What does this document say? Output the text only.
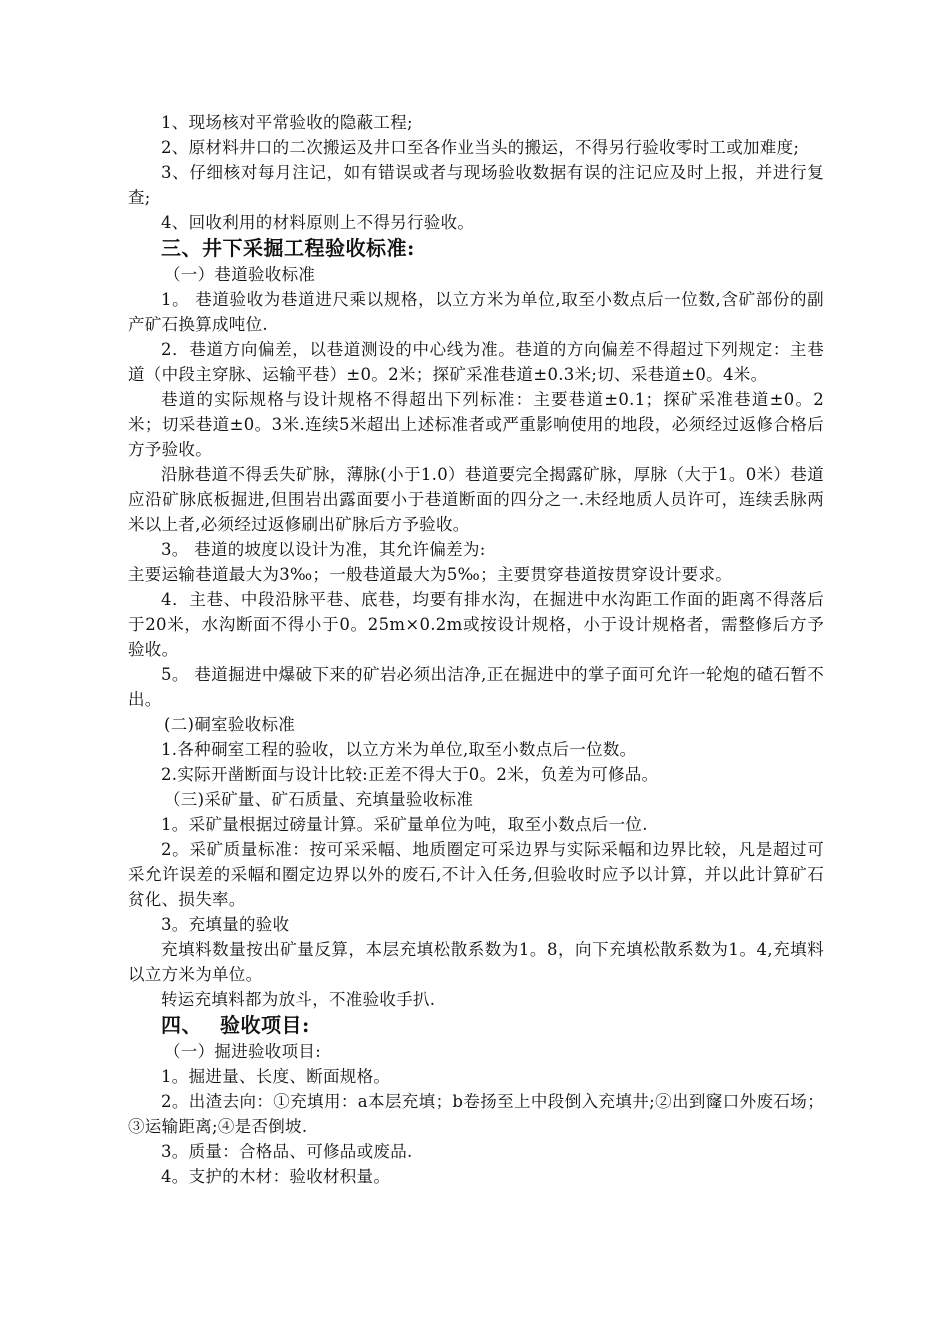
1、现场核对平常验收的隐蔽工程;

2、原材料井口的二次搬运及井口至各作业当头的搬运，不得另行验收零时工或加难度;

3、仔细核对每月注记，如有错误或者与现场验收数据有误的注记应及时上报，并进行复查;

4、回收利用的材料原则上不得另行验收。

三、井下采掘工程验收标准:

（一）巷道验收标准

1。 巷道验收为巷道进尺乘以规格，以立方米为单位,取至小数点后一位数,含矿部份的副产矿石换算成吨位.

2．巷道方向偏差，以巷道测设的中心线为准。巷道的方向偏差不得超过下列规定：主巷道（中段主穿脉、运输平巷）±0。2米；探矿采准巷道±0.3米;切、采巷道±0。4米。

巷道的实际规格与设计规格不得超出下列标准：主要巷道±0.1；探矿采准巷道±0。2米；切采巷道±0。3米.连续5米超出上述标准者或严重影响使用的地段，必须经过返修合格后方予验收。

沿脉巷道不得丢失矿脉，薄脉(小于1.0）巷道要完全揭露矿脉，厚脉（大于1。0米）巷道应沿矿脉底板掘进,但围岩出露面要小于巷道断面的四分之一.未经地质人员许可，连续丢脉两米以上者,必须经过返修刷出矿脉后方予验收。

3。 巷道的坡度以设计为准，其允许偏差为:

主要运输巷道最大为3‰；一般巷道最大为5‰；主要贯穿巷道按贯穿设计要求。

4．主巷、中段沿脉平巷、底巷，均要有排水沟，在掘进中水沟距工作面的距离不得落后于20米，水沟断面不得小于0。25m×0.2m或按设计规格，小于设计规格者，需整修后方予验收。

5。 巷道掘进中爆破下来的矿岩必须出洁净,正在掘进中的掌子面可允许一轮炮的碴石暂不出。

(二)硐室验收标准

1.各种硐室工程的验收，以立方米为单位,取至小数点后一位数。

2.实际开凿断面与设计比较:正差不得大于0。2米，负差为可修品。

（三)采矿量、矿石质量、充填量验收标准

1。采矿量根据过磅量计算。采矿量单位为吨，取至小数点后一位.

2。采矿质量标准：按可采采幅、地质圈定可采边界与实际采幅和边界比较，凡是超过可采允许误差的采幅和圈定边界以外的废石,不计入任务,但验收时应予以计算，并以此计算矿石贫化、损失率。

3。充填量的验收

充填料数量按出矿量反算，本层充填松散系数为1。8，向下充填松散系数为1。4,充填料以立方米为单位。

转运充填料都为放斗，不准验收手扒.

四、　 验收项目:

（一）掘进验收项目:

1。掘进量、长度、断面规格。

2。出渣去向：①充填用：a本层充填；b卷扬至上中段倒入充填井;②出到窿口外废石场；③运输距离;④是否倒坡.

3。质量：合格品、可修品或废品.

4。支护的木材：验收材积量。
